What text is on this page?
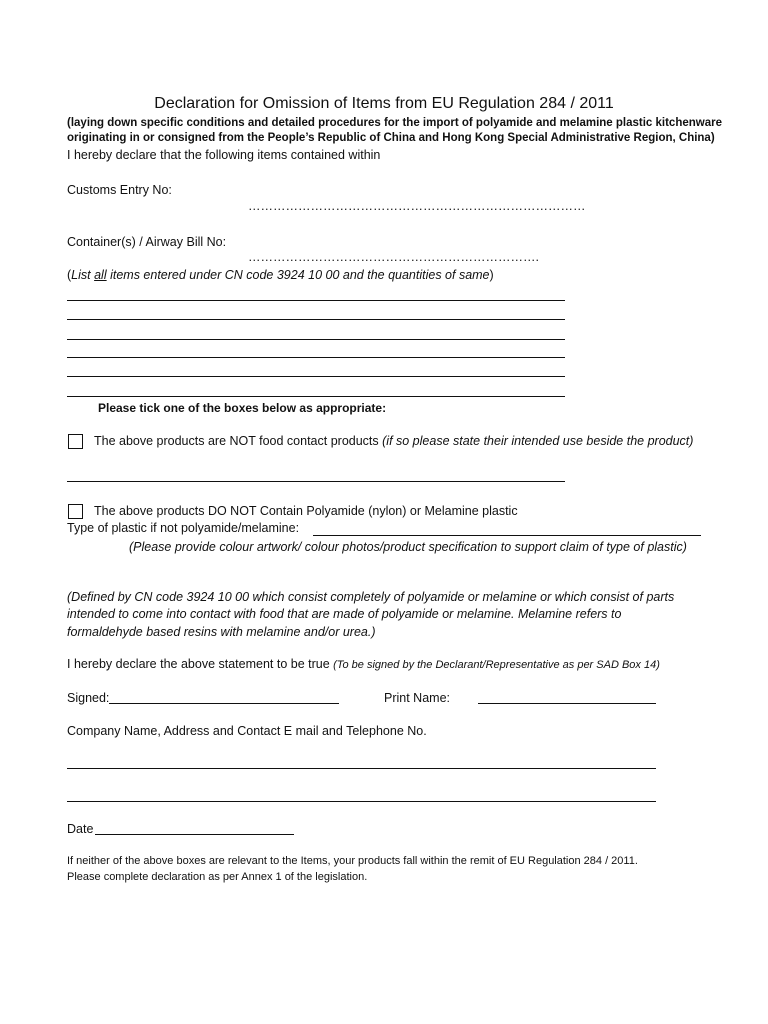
Declaration for Omission of Items from EU Regulation 284 / 2011
(laying down specific conditions and detailed procedures for the import of polyamide and melamine plastic kitchenware
originating in or consigned from the People’s Republic of China and Hong Kong Special Administrative Region, China)
I hereby declare that the following items contained within
Customs Entry No:
………………………………………………………………………
Container(s) / Airway Bill No:
…………………………………………………………….
(List all items entered under CN code 3924 10 00 and the quantities of same)
Please tick one of the boxes below as appropriate:
The above products are NOT food contact products (if so please state their intended use beside the product)
The above products DO NOT Contain Polyamide (nylon) or Melamine plastic
Type of plastic if not polyamide/melamine:
(Please provide colour artwork/ colour photos/product specification to support claim of type of plastic)
(Defined by CN code 3924 10 00 which consist completely of polyamide or melamine or which consist of parts
intended to come into contact with food that are made of polyamide or melamine. Melamine refers to
formaldehyde based resins with melamine and/or urea.)
I hereby declare the above statement to be true (To be signed by the Declarant/Representative as per SAD Box 14)
Signed:	Print Name:
Company Name, Address and Contact E mail and Telephone No.
Date
If neither of the above boxes are relevant to the Items, your products fall within the remit of EU Regulation 284 / 2011.
Please complete declaration as per Annex 1 of the legislation.
